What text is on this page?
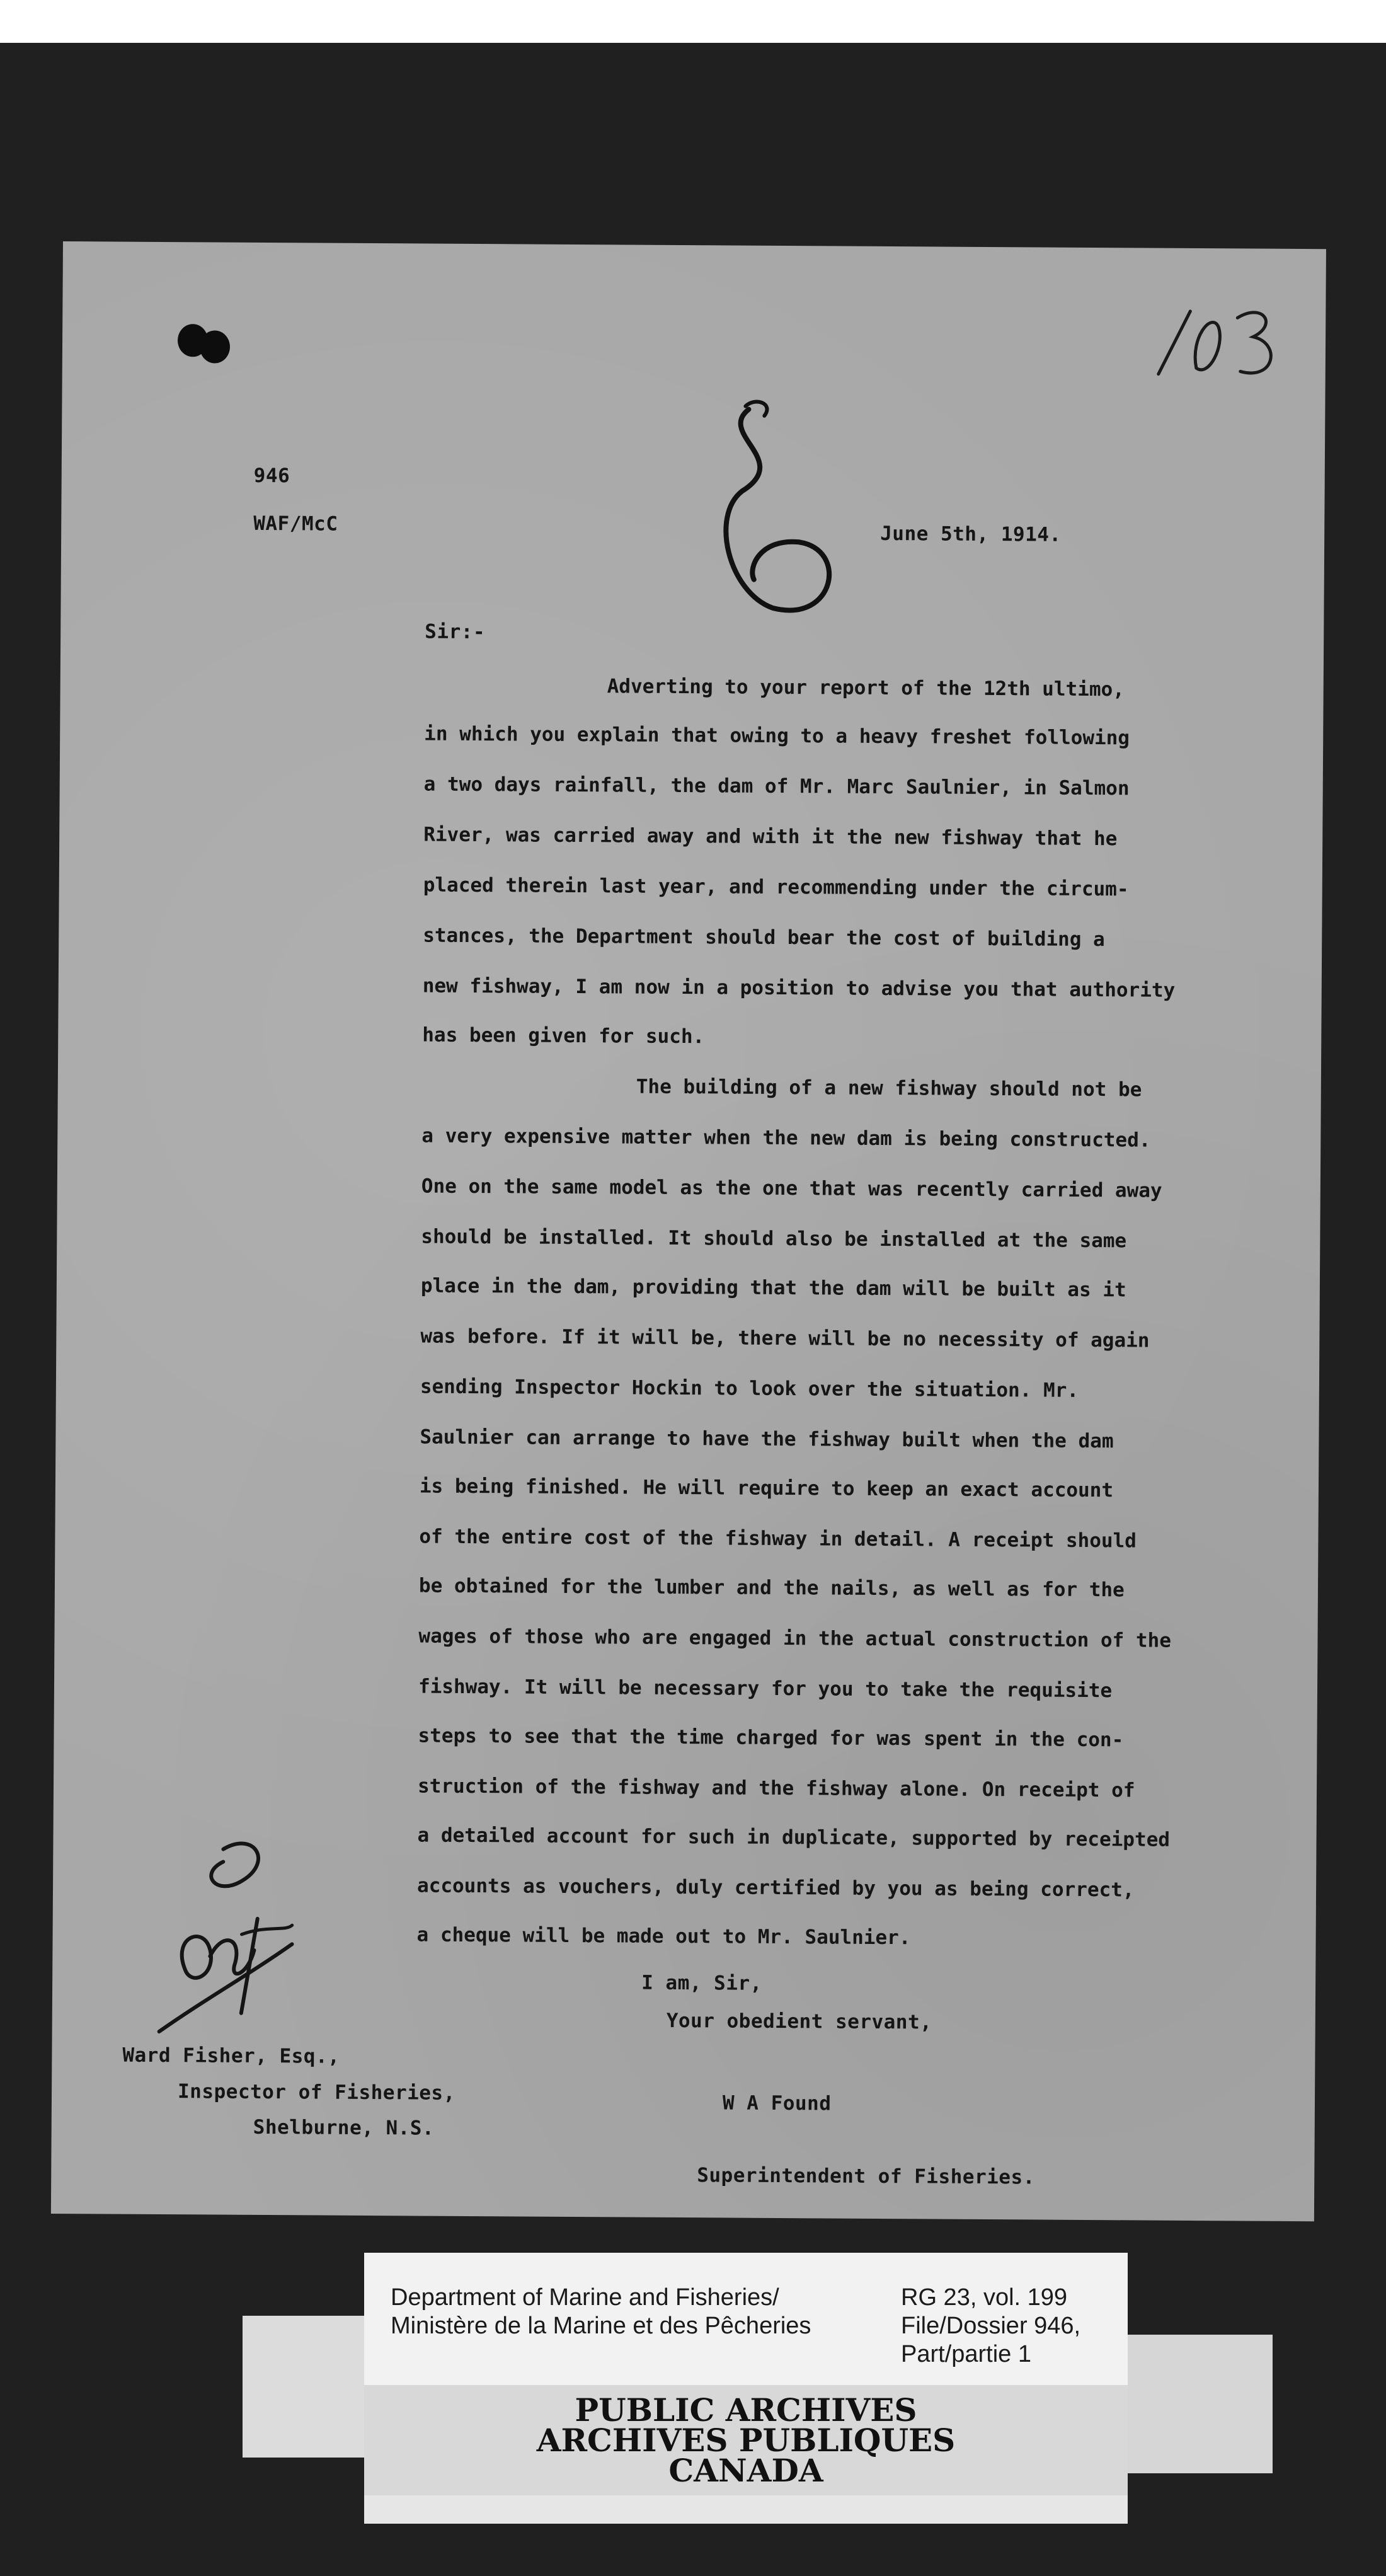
946
WAF/McC	June 5th, 1914.
Sir:-
Adverting to your report of the 12th ultimo,
in which you explain that owing to a heavy freshet following
a two days rainfall, the dam of Mr. Marc Saulnier, in Salmon
River, was carried away and with it the new fishway that he
placed therein last year, and recommending under the circum-
stances, the Department should bear the cost of building a
new fishway, I am now in a position to advise you that authority
has been given for such.
The building of a new fishway should not be
a very expensive matter when the new dam is being constructed.
One on the same model as the one that was recently carried away
should be installed. It should also be installed at the same
place in the dam, providing that the dam will be built as it
was before. If it will be, there will be no necessity of again
sending Inspector Hockin to look over the situation. Mr.
Saulnier can arrange to have the fishway built when the dam
is being finished. He will require to keep an exact account
of the entire cost of the fishway in detail. A receipt should
be obtained for the lumber and the nails, as well as for the
wages of those who are engaged in the actual construction of the
fishway. It will be necessary for you to take the requisite
steps to see that the time charged for was spent in the con-
struction of the fishway and the fishway alone. On receipt of
a detailed account for such in duplicate, supported by receipted
accounts as vouchers, duly certified by you as being correct,
a cheque will be made out to Mr. Saulnier.
I am, Sir,
Your obedient servant,
W A Found
Superintendent of Fisheries.
Ward Fisher, Esq.,
Inspector of Fisheries,
Shelburne, N.S.
Department of Marine and Fisheries/
Ministère de la Marine et des Pêcheries
RG 23, vol. 199
File/Dossier 946,
Part/partie 1
PUBLIC ARCHIVES
ARCHIVES PUBLIQUES
CANADA
